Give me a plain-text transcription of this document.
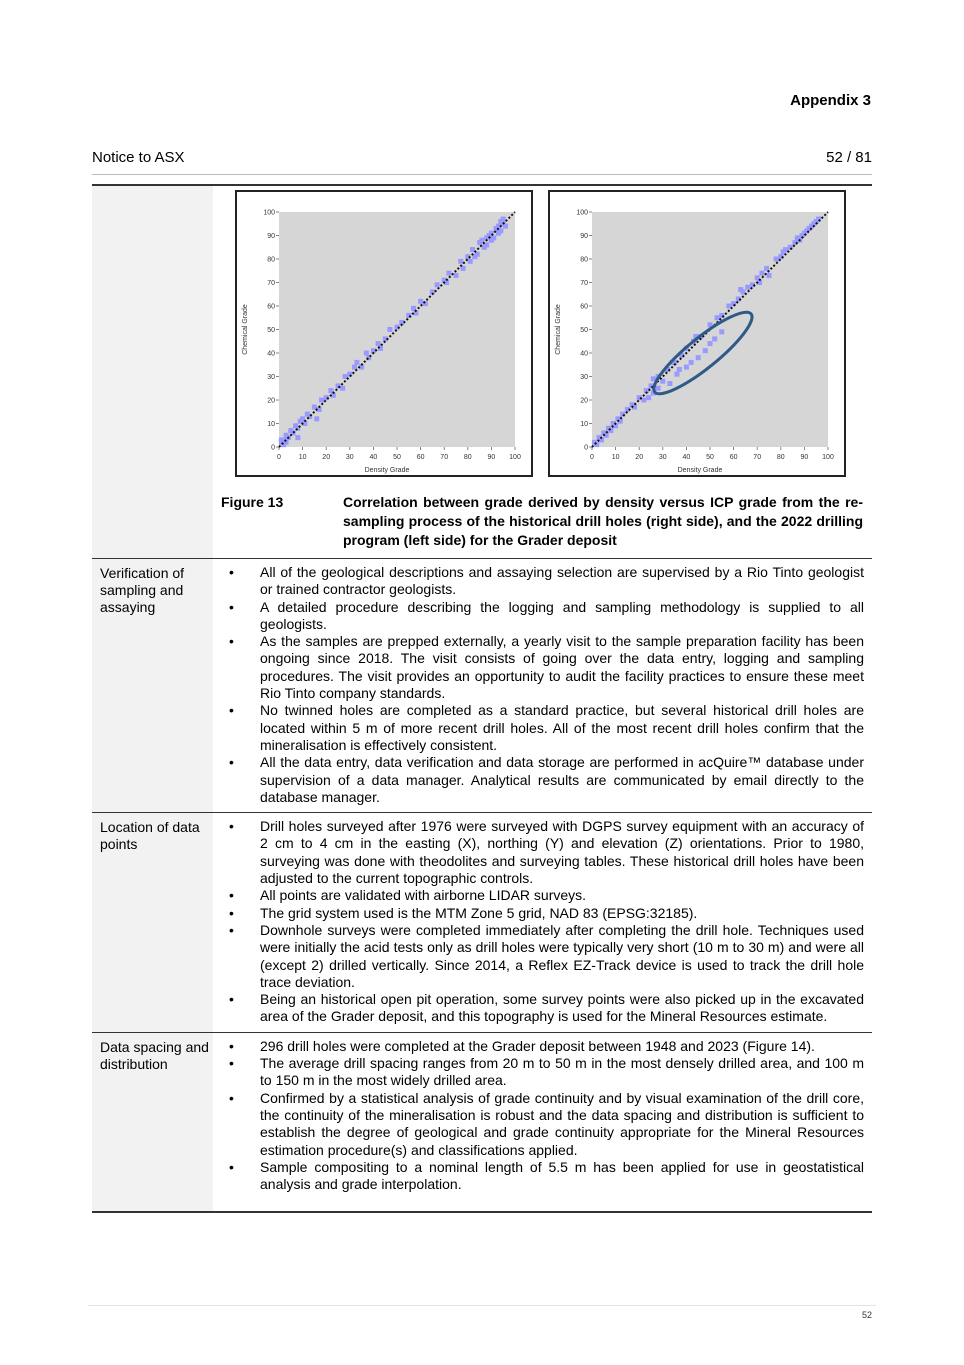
Appendix 3
Notice to ASX	52 / 81
0	10 20 30 40 50 60 70 80 90 100
0
10
20
30
40
50
60
70
80
90
100
Density Grade
Chemical Grade
0	10 20 30 40 50 60 70 80 90 100
0
10
20
30
40
50
60
70
80
90
100
Density Grade
Chemical Grade
Figure 13	Correlation between grade derived by density versus ICP grade from the re-sampling process of the historical drill holes (right side), and the 2022 drilling program (left side) for the Grader deposit
Verification of sampling and assaying
• All of the geological descriptions and assaying selection are supervised by a Rio Tinto geologist or trained contractor geologists.
• A detailed procedure describing the logging and sampling methodology is supplied to all geologists.
• As the samples are prepped externally, a yearly visit to the sample preparation facility has been ongoing since 2018. The visit consists of going over the data entry, logging and sampling procedures. The visit provides an opportunity to audit the facility practices to ensure these meet Rio Tinto company standards.
• No twinned holes are completed as a standard practice, but several historical drill holes are located within 5 m of more recent drill holes. All of the most recent drill holes confirm that the mineralisation is effectively consistent.
• All the data entry, data verification and data storage are performed in acQuire™ database under supervision of a data manager. Analytical results are communicated by email directly to the database manager.
Location of data points
• Drill holes surveyed after 1976 were surveyed with DGPS survey equipment with an accuracy of 2 cm to 4 cm in the easting (X), northing (Y) and elevation (Z) orientations. Prior to 1980, surveying was done with theodolites and surveying tables. These historical drill holes have been adjusted to the current topographic controls.
• All points are validated with airborne LIDAR surveys.
• The grid system used is the MTM Zone 5 grid, NAD 83 (EPSG:32185).
• Downhole surveys were completed immediately after completing the drill hole. Techniques used were initially the acid tests only as drill holes were typically very short (10 m to 30 m) and were all (except 2) drilled vertically. Since 2014, a Reflex EZ-Track device is used to track the drill hole trace deviation.
• Being an historical open pit operation, some survey points were also picked up in the excavated area of the Grader deposit, and this topography is used for the Mineral Resources estimate.
Data spacing and distribution
• 296 drill holes were completed at the Grader deposit between 1948 and 2023 (Figure 14).
• The average drill spacing ranges from 20 m to 50 m in the most densely drilled area, and 100 m to 150 m in the most widely drilled area.
• Confirmed by a statistical analysis of grade continuity and by visual examination of the drill core, the continuity of the mineralisation is robust and the data spacing and distribution is sufficient to establish the degree of geological and grade continuity appropriate for the Mineral Resources estimation procedure(s) and classifications applied.
• Sample compositing to a nominal length of 5.5 m has been applied for use in geostatistical analysis and grade interpolation.
52
